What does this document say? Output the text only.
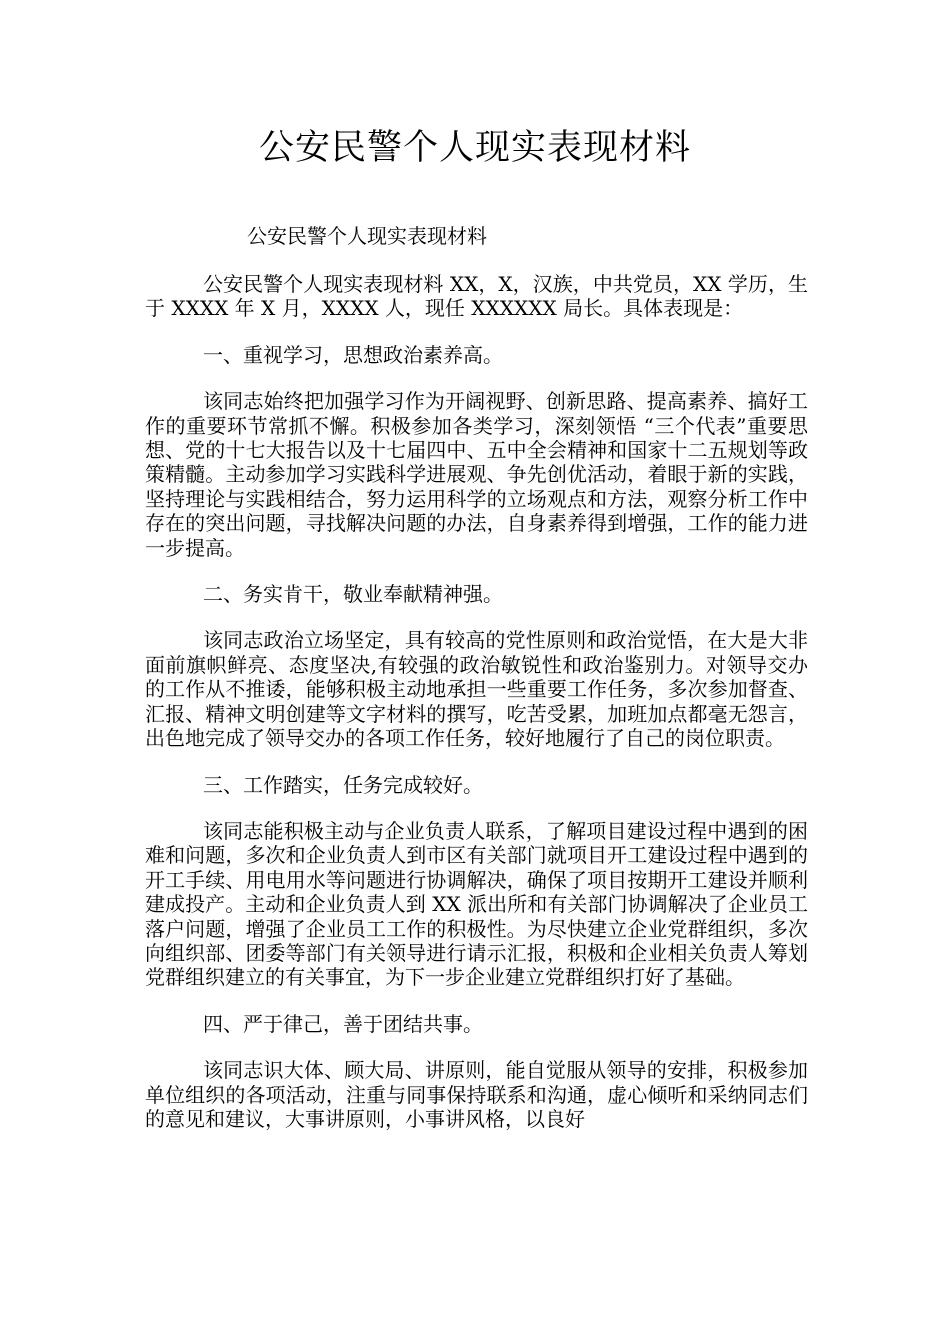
公安民警个人现实表现材料
公安民警个人现实表现材料

公安民警个人现实表现材料 XX，X，汉族，中共党员，XX 学历，生于 XXXX 年 X 月，XXXX 人，现任 XXXXXX 局长。具体表现是：

一、重视学习，思想政治素养高。

该同志始终把加强学习作为开阔视野、创新思路、提高素养、搞好工作的重要环节常抓不懈。积极参加各类学习，深刻领悟 “三个代表”重要思想、党的十七大报告以及十七届四中、五中全会精神和国家十二五规划等政策精髓。主动参加学习实践科学进展观、争先创优活动，着眼于新的实践，坚持理论与实践相结合，努力运用科学的立场观点和方法，观察分析工作中存在的突出问题，寻找解决问题的办法，自身素养得到增强，工作的能力进一步提高。

二、务实肯干，敬业奉献精神强。

该同志政治立场坚定，具有较高的党性原则和政治觉悟，在大是大非面前旗帜鲜亮、态度坚决,有较强的政治敏锐性和政治鉴别力。对领导交办的工作从不推诿，能够积极主动地承担一些重要工作任务，多次参加督查、汇报、精神文明创建等文字材料的撰写，吃苦受累，加班加点都毫无怨言，出色地完成了领导交办的各项工作任务，较好地履行了自己的岗位职责。

三、工作踏实，任务完成较好。

该同志能积极主动与企业负责人联系，了解项目建设过程中遇到的困难和问题，多次和企业负责人到市区有关部门就项目开工建设过程中遇到的开工手续、用电用水等问题进行协调解决，确保了项目按期开工建设并顺利建成投产。主动和企业负责人到 XX 派出所和有关部门协调解决了企业员工落户问题，增强了企业员工工作的积极性。为尽快建立企业党群组织，多次向组织部、团委等部门有关领导进行请示汇报，积极和企业相关负责人筹划党群组织建立的有关事宜，为下一步企业建立党群组织打好了基础。

四、严于律己，善于团结共事。

该同志识大体、顾大局、讲原则，能自觉服从领导的安排，积极参加单位组织的各项活动，注重与同事保持联系和沟通，虚心倾听和采纳同志们的意见和建议，大事讲原则，小事讲风格，以良好
